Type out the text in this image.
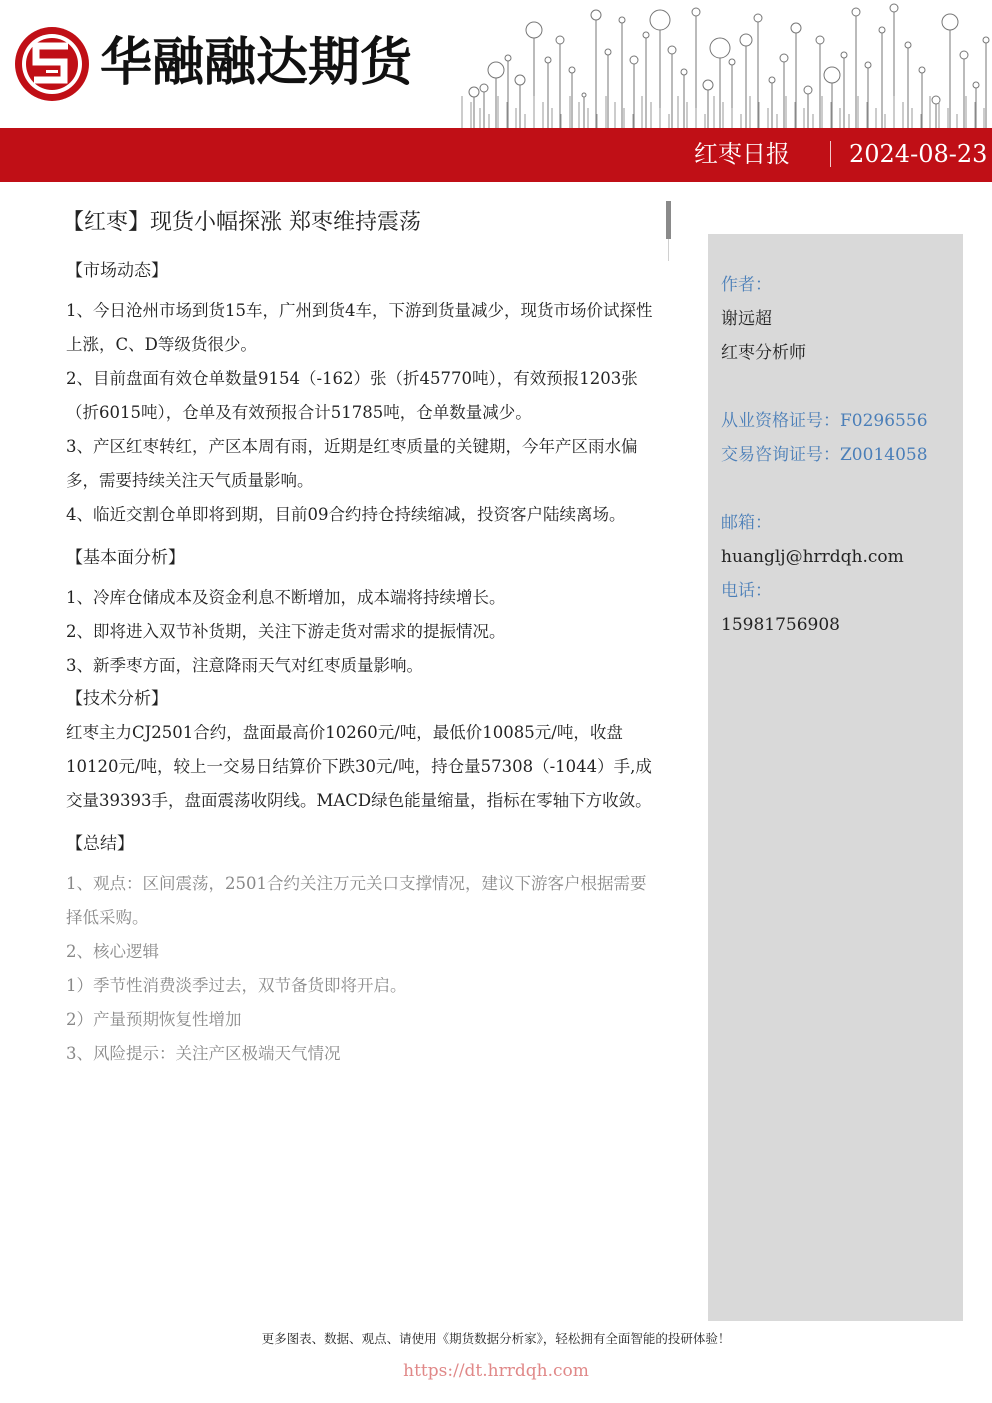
华融融达期货
红枣日报 2024-08-23
【红枣】现货小幅探涨 郑枣维持震荡
【市场动态】
1、今日沧州市场到货15车，广州到货4车，下游到货量减少，现货市场价试探性上涨，C、D等级货很少。
2、目前盘面有效仓单数量9154（-162）张（折45770吨），有效预报1203张（折6015吨），仓单及有效预报合计51785吨，仓单数量减少。
3、产区红枣转红，产区本周有雨，近期是红枣质量的关键期，今年产区雨水偏多，需要持续关注天气质量影响。
4、临近交割仓单即将到期，目前09合约持仓持续缩减，投资客户陆续离场。
【基本面分析】
1、冷库仓储成本及资金利息不断增加，成本端将持续增长。
2、即将进入双节补货期，关注下游走货对需求的提振情况。
3、新季枣方面，注意降雨天气对红枣质量影响。
【技术分析】
红枣主力CJ2501合约，盘面最高价10260元/吨，最低价10085元/吨，收盘10120元/吨，较上一交易日结算价下跌30元/吨，持仓量57308（-1044）手,成交量39393手，盘面震荡收阴线。MACD绿色能量缩量，指标在零轴下方收敛。
【总结】
1、观点：区间震荡，2501合约关注万元关口支撑情况，建议下游客户根据需要择低采购。
2、核心逻辑
1）季节性消费淡季过去，双节备货即将开启。
2）产量预期恢复性增加
3、风险提示：关注产区极端天气情况
作者：
谢远超
红枣分析师
从业资格证号：F0296556
交易咨询证号：Z0014058
邮箱：
huanglj@hrrdqh.com
电话：
15981756908
更多图表、数据、观点、请使用《期货数据分析家》，轻松拥有全面智能的投研体验！
https://dt.hrrdqh.com
